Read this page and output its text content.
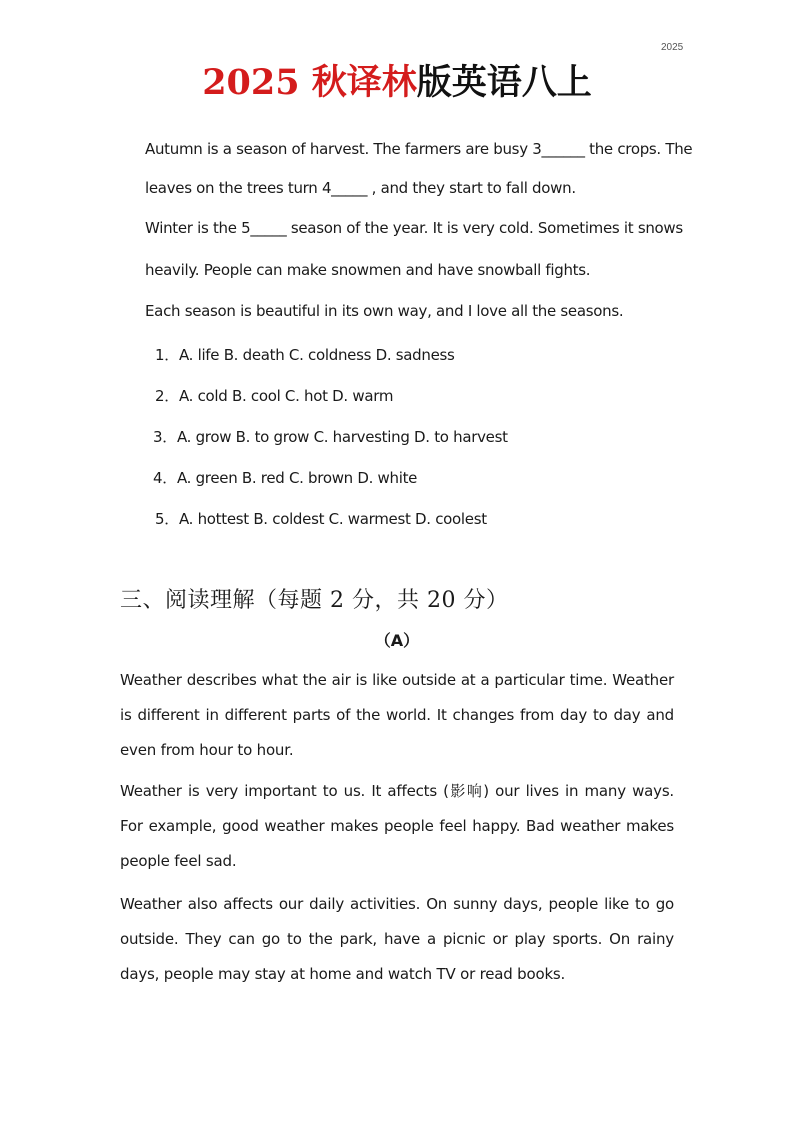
2025
2025 秋译林版英语八上

Autumn is a season of harvest. The farmers are busy 3______ the crops. The

leaves on the trees turn 4_____ , and they start to fall down.

Winter is the 5_____ season of the year. It is very cold. Sometimes it snows

heavily. People can make snowmen and have snowball fights.

Each season is beautiful in its own way, and I love all the seasons.

1．A. life B. death C. coldness D. sadness
2．A. cold B. cool C. hot D. warm
3．A. grow B. to grow C. harvesting D. to harvest
4．A. green B. red C. brown D. white
5．A. hottest B. coldest C. warmest D. coolest
三、阅读理解（每题 2 分，共 20 分）
（A）

Weather describes what the air is like outside at a particular time. Weather is different in different parts of the world. It changes from day to day and even from hour to hour.

Weather is very important to us. It affects (影响) our lives in many ways. For example, good weather makes people feel happy. Bad weather makes people feel sad.

Weather also affects our daily activities. On sunny days, people like to go outside. They can go to the park, have a picnic or play sports. On rainy days, people may stay at home and watch TV or read books.
